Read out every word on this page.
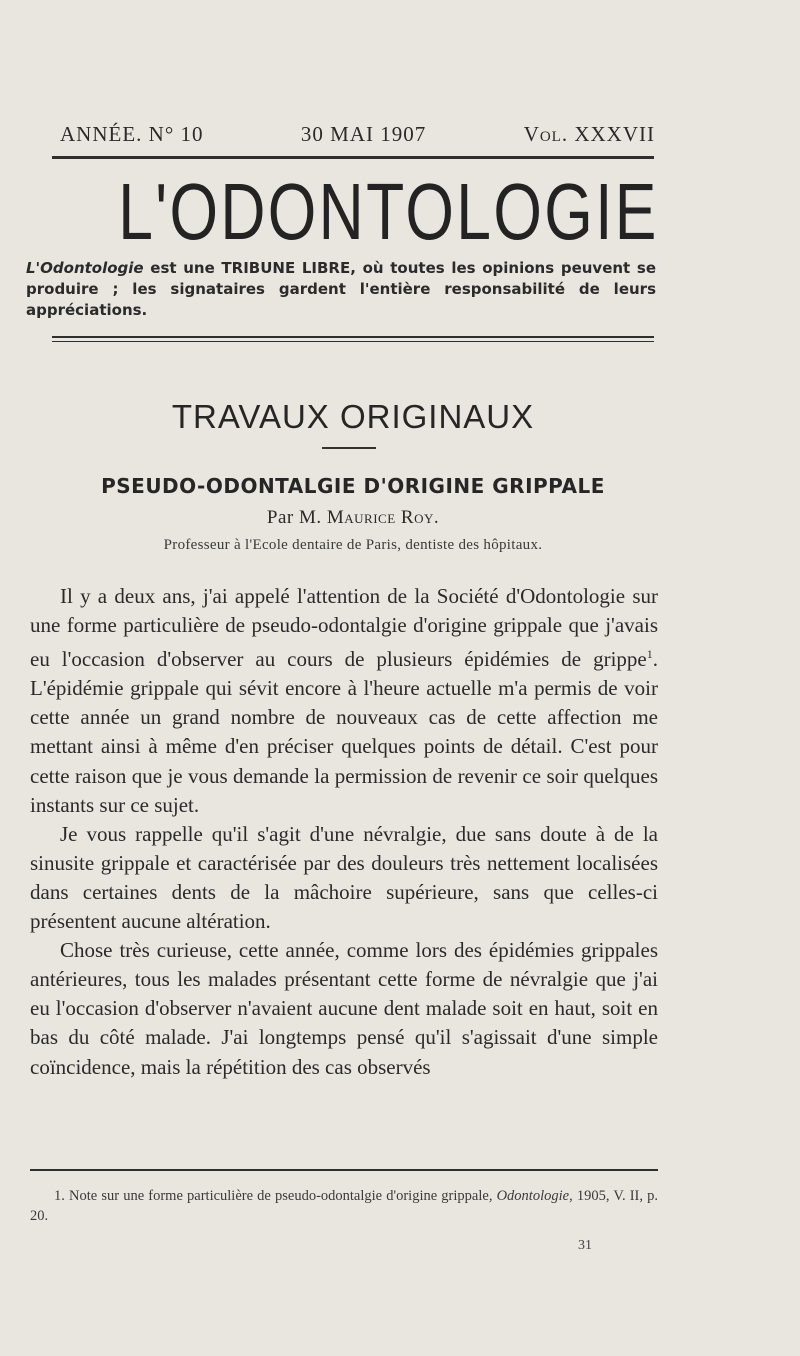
ANNÉE. N° 10	30 MAI 1907	Vol. XXXVII
L'ODONTOLOGIE
L'Odontologie est une TRIBUNE LIBRE, où toutes les opinions peuvent se produire ; les signataires gardent l'entière responsabilité de leurs appréciations.
TRAVAUX ORIGINAUX
PSEUDO-ODONTALGIE D'ORIGINE GRIPPALE
Par M. Maurice Roy.
Professeur à l'Ecole dentaire de Paris, dentiste des hôpitaux.

Il y a deux ans, j'ai appelé l'attention de la Société d'Odontologie sur une forme particulière de pseudo-odontalgie d'origine grippale que j'avais eu l'occasion d'observer au cours de plusieurs épidémies de grippe$^1$. L'épidémie grippale qui sévit encore à l'heure actuelle m'a permis de voir cette année un grand nombre de nouveaux cas de cette affection me mettant ainsi à même d'en préciser quelques points de détail. C'est pour cette raison que je vous demande la permission de revenir ce soir quelques instants sur ce sujet.

Je vous rappelle qu'il s'agit d'une névralgie, due sans doute à de la sinusite grippale et caractérisée par des douleurs très nettement localisées dans certaines dents de la mâchoire supérieure, sans que celles-ci présentent aucune altération.

Chose très curieuse, cette année, comme lors des épidémies grippales antérieures, tous les malades présentant cette forme de névralgie que j'ai eu l'occasion d'observer n'avaient aucune dent malade soit en haut, soit en bas du côté malade. J'ai longtemps pensé qu'il s'agissait d'une simple coïncidence, mais la répétition des cas observés

1. Note sur une forme particulière de pseudo-odontalgie d'origine grippale, Odontologie, 1905, V. II, p. 20.
31
